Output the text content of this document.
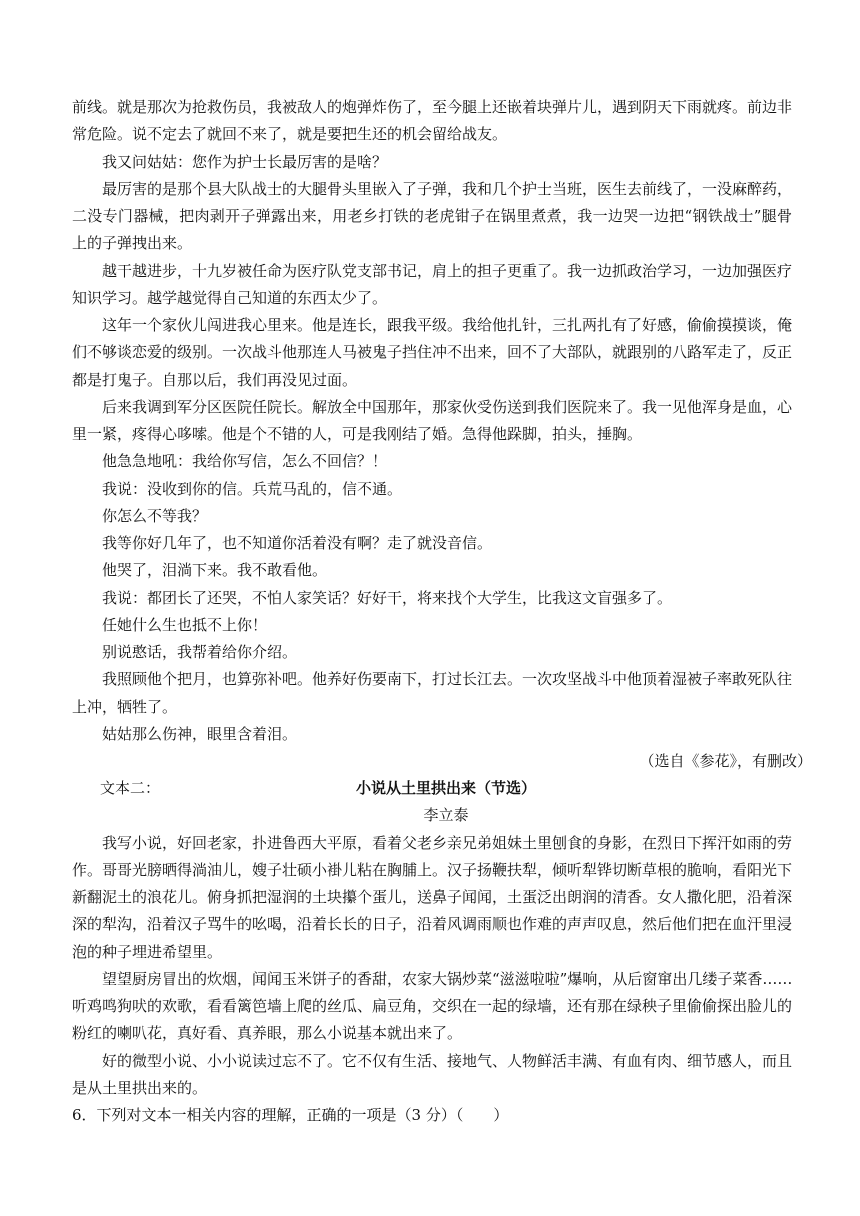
前线。就是那次为抢救伤员，我被敌人的炮弹炸伤了，至今腿上还嵌着块弹片儿，遇到阴天下雨就疼。前边非
常危险。说不定去了就回不来了，就是要把生还的机会留给战友。
我又问姑姑：您作为护士长最厉害的是啥？
最厉害的是那个县大队战士的大腿骨头里嵌入了子弹，我和几个护士当班，医生去前线了，一没麻醉药，
二没专门器械，把肉剥开子弹露出来，用老乡打铁的老虎钳子在锅里煮煮，我一边哭一边把“钢铁战士”腿骨
上的子弹拽出来。
越干越进步，十九岁被任命为医疗队党支部书记，肩上的担子更重了。我一边抓政治学习，一边加强医疗
知识学习。越学越觉得自己知道的东西太少了。
这年一个家伙儿闯进我心里来。他是连长，跟我平级。我给他扎针，三扎两扎有了好感，偷偷摸摸谈，俺
们不够谈恋爱的级别。一次战斗他那连人马被鬼子挡住冲不出来，回不了大部队，就跟别的八路军走了，反正
都是打鬼子。自那以后，我们再没见过面。
后来我调到军分区医院任院长。解放全中国那年，那家伙受伤送到我们医院来了。我一见他浑身是血，心
里一紧，疼得心哆嗦。他是个不错的人，可是我刚结了婚。急得他跺脚，拍头，捶胸。
他急急地吼：我给你写信，怎么不回信？！
我说：没收到你的信。兵荒马乱的，信不通。
你怎么不等我？
我等你好几年了，也不知道你活着没有啊？走了就没音信。
他哭了，泪淌下来。我不敢看他。
我说：都团长了还哭，不怕人家笑话？好好干，将来找个大学生，比我这文盲强多了。
任她什么生也抵不上你！
别说憨话，我帮着给你介绍。
我照顾他个把月，也算弥补吧。他养好伤要南下，打过长江去。一次攻坚战斗中他顶着湿被子率敢死队往
上冲，牺牲了。
姑姑那么伤神，眼里含着泪。
（选自《参花》，有删改）
文本二：	小说从土里拱出来（节选）
李立泰
我写小说，好回老家，扑进鲁西大平原，看着父老乡亲兄弟姐妹土里刨食的身影，在烈日下挥汗如雨的劳
作。哥哥光膀晒得淌油儿，嫂子壮硕小褂儿粘在胸脯上。汉子扬鞭扶犁，倾听犁铧切断草根的脆响，看阳光下
新翻泥土的浪花儿。俯身抓把湿润的土块攥个蛋儿，送鼻子闻闻，土蛋泛出朗润的清香。女人撒化肥，沿着深
深的犁沟，沿着汉子骂牛的吆喝，沿着长长的日子，沿着风调雨顺也作难的声声叹息，然后他们把在血汗里浸
泡的种子埋进希望里。
望望厨房冒出的炊烟，闻闻玉米饼子的香甜，农家大锅炒菜“滋滋啦啦”爆响，从后窗窜出几缕子菜香……
听鸡鸣狗吠的欢歌，看看篱笆墙上爬的丝瓜、扁豆角，交织在一起的绿墙，还有那在绿秧子里偷偷探出脸儿的
粉红的喇叭花，真好看、真养眼，那么小说基本就出来了。
好的微型小说、小小说读过忘不了。它不仅有生活、接地气、人物鲜活丰满、有血有肉、细节感人，而且
是从土里拱出来的。
6．下列对文本一相关内容的理解，正确的一项是（3 分）（　　）
